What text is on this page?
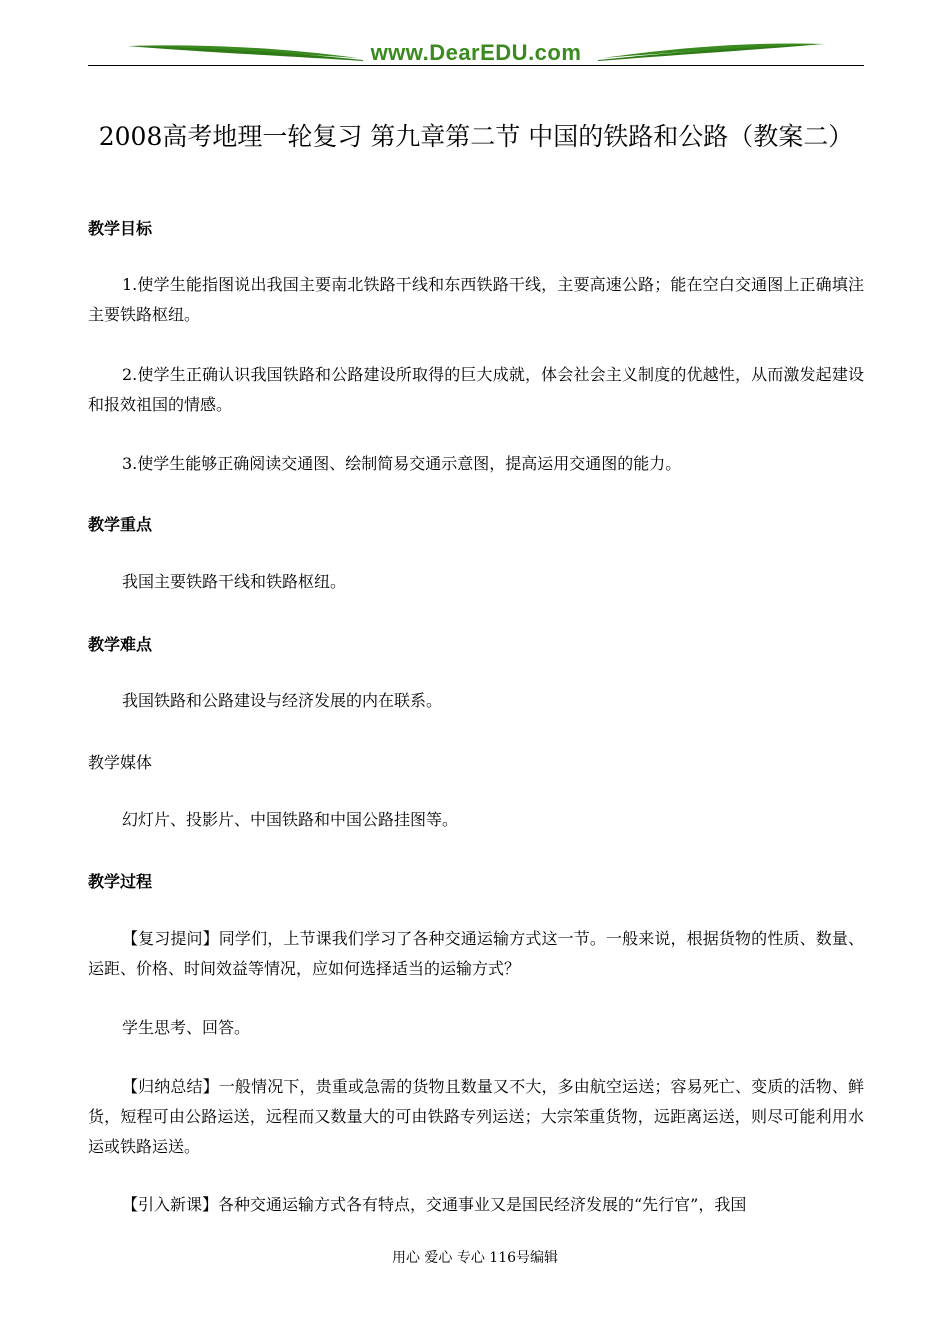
www.DearEDU.com
2008高考地理一轮复习 第九章第二节 中国的铁路和公路（教案二）
教学目标
1.使学生能指图说出我国主要南北铁路干线和东西铁路干线，主要高速公路；能在空白交通图上正确填注主要铁路枢纽。
2.使学生正确认识我国铁路和公路建设所取得的巨大成就，体会社会主义制度的优越性，从而激发起建设和报效祖国的情感。
3.使学生能够正确阅读交通图、绘制简易交通示意图，提高运用交通图的能力。
教学重点
我国主要铁路干线和铁路枢纽。
教学难点
我国铁路和公路建设与经济发展的内在联系。
教学媒体
幻灯片、投影片、中国铁路和中国公路挂图等。
教学过程
【复习提问】同学们，上节课我们学习了各种交通运输方式这一节。一般来说，根据货物的性质、数量、运距、价格、时间效益等情况，应如何选择适当的运输方式？
学生思考、回答。
【归纳总结】一般情况下，贵重或急需的货物且数量又不大，多由航空运送；容易死亡、变质的活物、鲜货，短程可由公路运送，远程而又数量大的可由铁路专列运送；大宗笨重货物，远距离运送，则尽可能利用水运或铁路运送。
【引入新课】各种交通运输方式各有特点，交通事业又是国民经济发展的“先行官”，我国
用心 爱心 专心 116号编辑
